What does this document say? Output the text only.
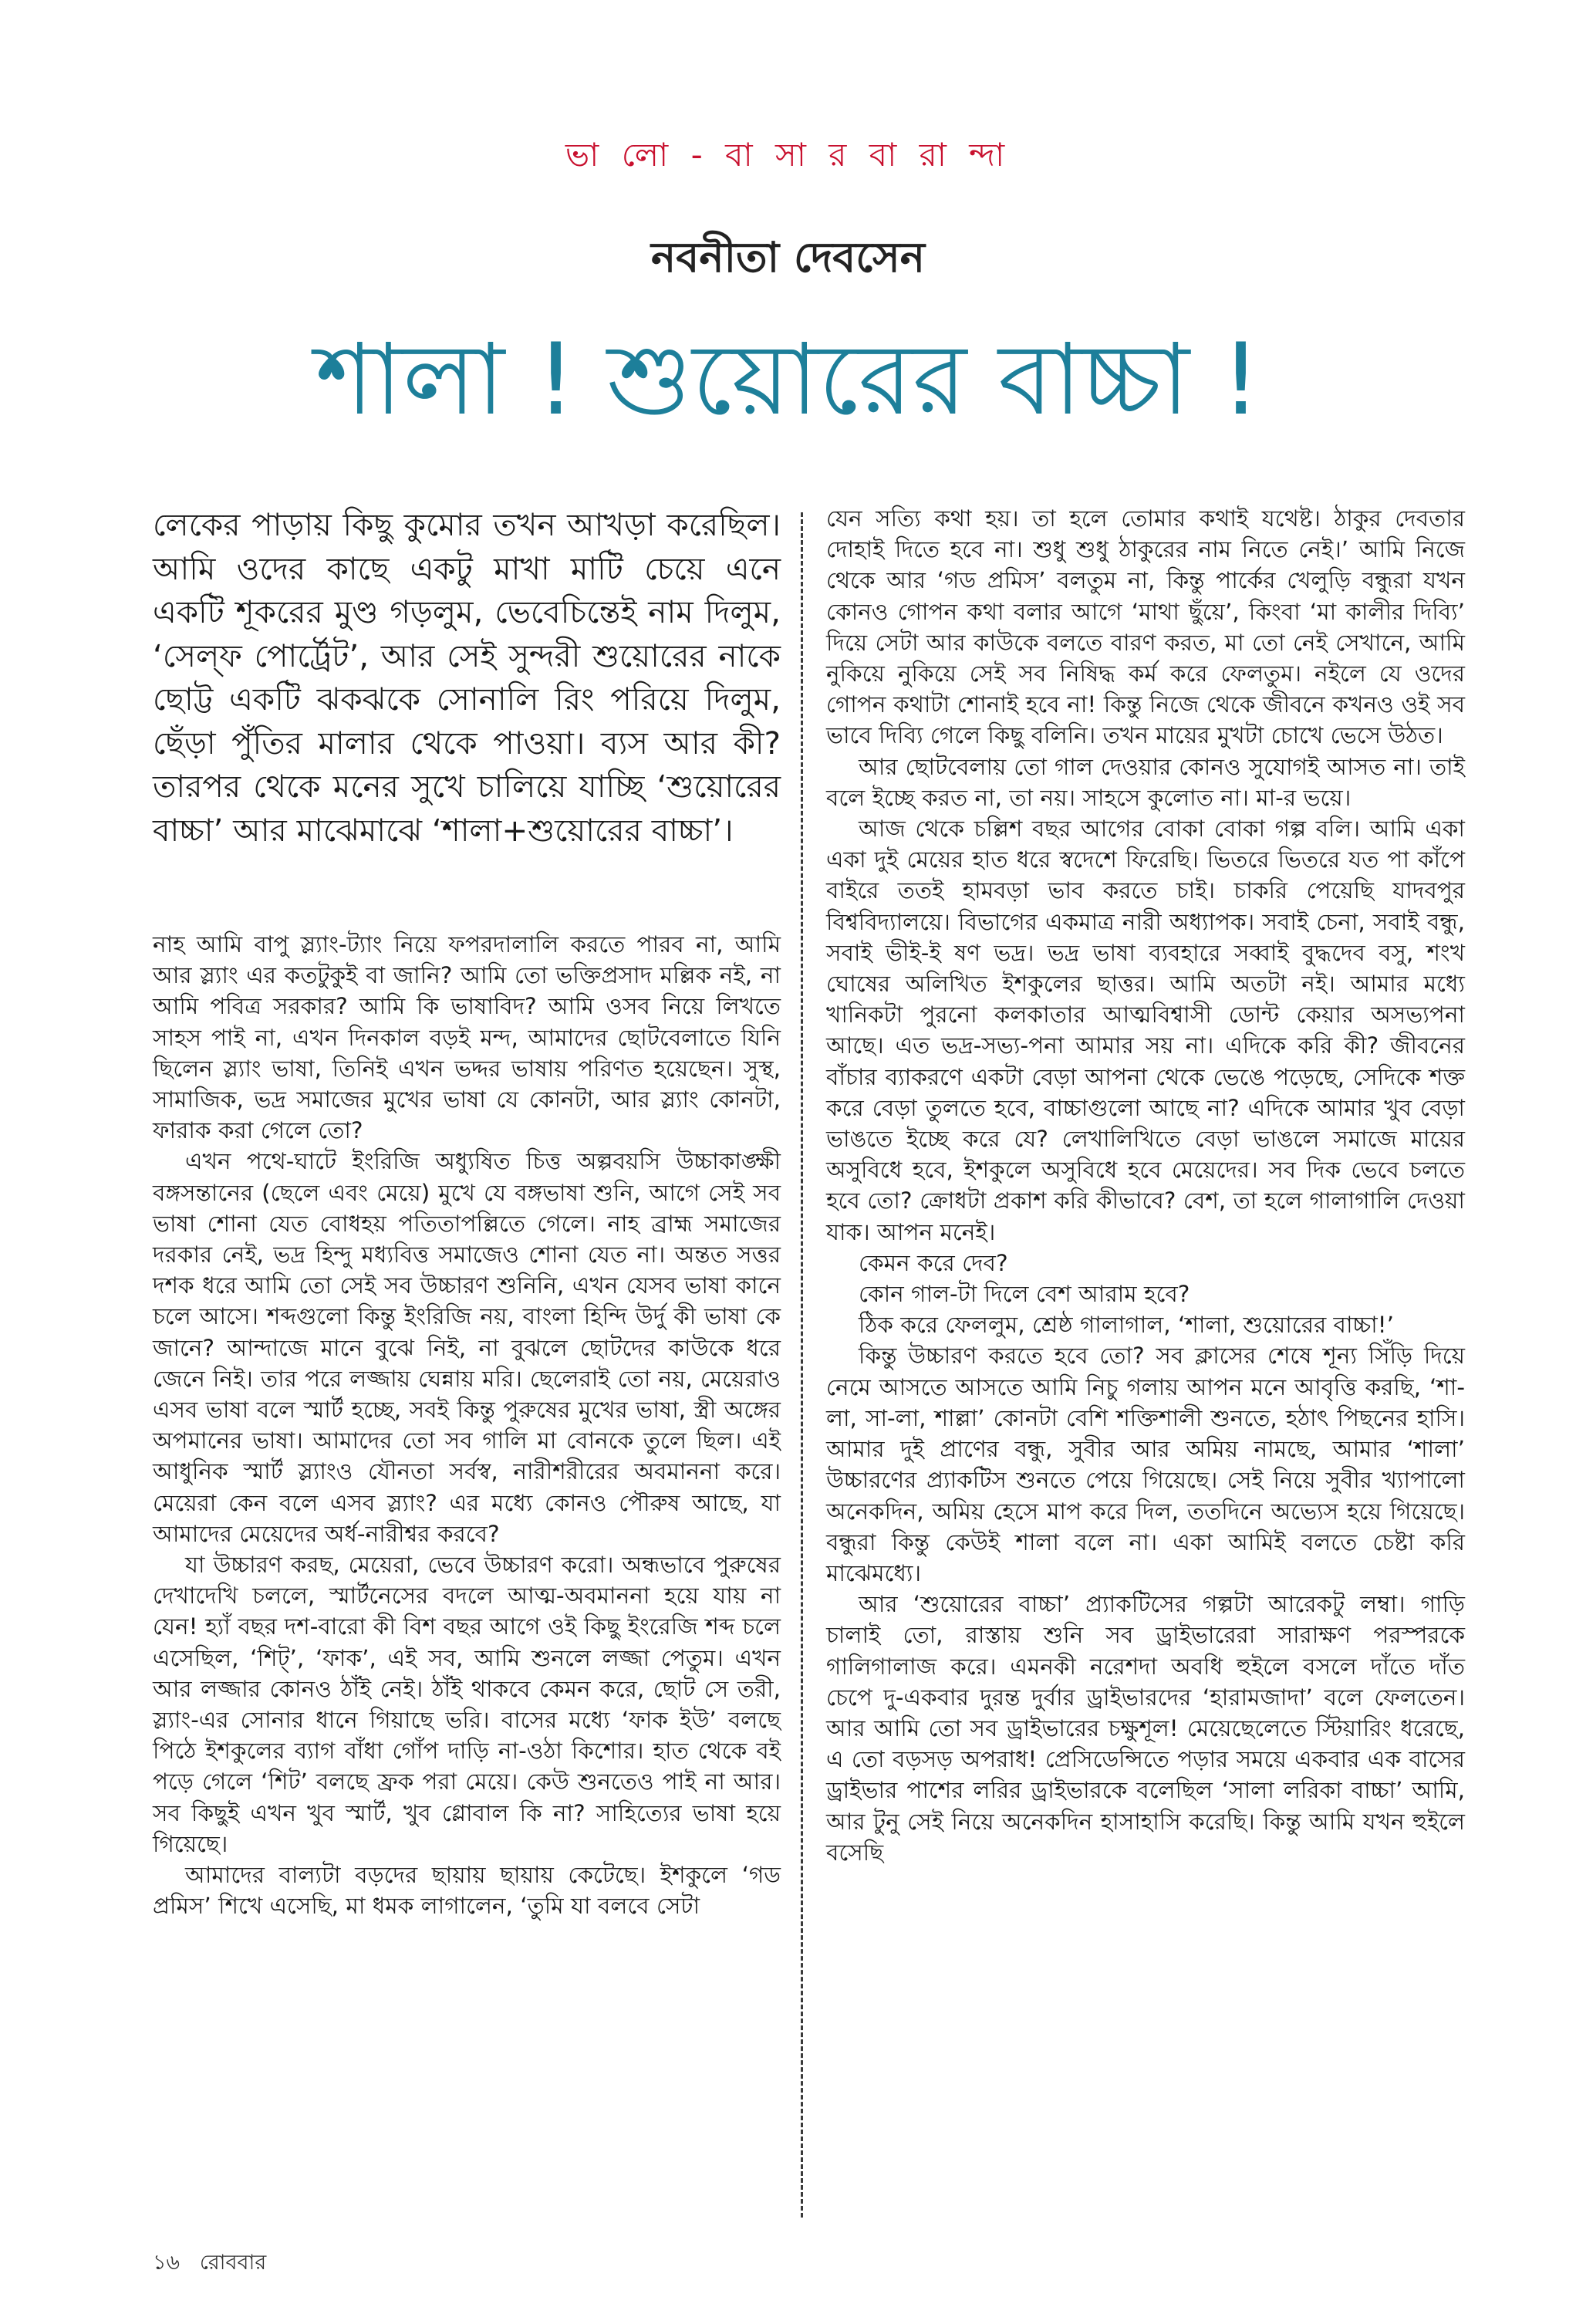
ভা লো - বা সা র বা রা ন্দা
নবনীতা দেবসেন
শালা ! শুয়োরের বাচ্চা !

লেকের পাড়ায় কিছু কুমোর তখন আখড়া করেছিল। আমি ওদের কাছে একটু মাখা মাটি চেয়ে এনে একটি শূকরের মুণ্ড গড়লুম, ভেবেচিন্তেই নাম দিলুম, ‘সেল্‌ফ পোর্ট্রেট’, আর সেই সুন্দরী শুয়োরের নাকে ছোট্ট একটি ঝকঝকে সোনালি রিং পরিয়ে দিলুম, ছেঁড়া পুঁতির মালার থেকে পাওয়া। ব্যস আর কী? তারপর থেকে মনের সুখে চালিয়ে যাচ্ছি ‘শুয়োরের বাচ্চা’ আর মাঝেমাঝে ‘শালা+শুয়োরের বাচ্চা’।

নাহ আমি বাপু স্ল্যাং-ট্যাং নিয়ে ফপরদালালি করতে পারব না, আমি আর স্ল্যাং এর কতটুকুই বা জানি? আমি তো ভক্তিপ্রসাদ মল্লিক নই, না আমি পবিত্র সরকার? আমি কি ভাষাবিদ? আমি ওসব নিয়ে লিখতে সাহস পাই না, এখন দিনকাল বড়ই মন্দ, আমাদের ছোটবেলাতে যিনি ছিলেন স্ল্যাং ভাষা, তিনিই এখন ভদ্দর ভাষায় পরিণত হয়েছেন। সুস্থ, সামাজিক, ভদ্র সমাজের মুখের ভাষা যে কোনটা, আর স্ল্যাং কোনটা, ফারাক করা গেলে তো?

এখন পথে-ঘাটে ইংরিজি অধ্যুষিত চিত্ত অল্পবয়সি উচ্চাকাঙ্ক্ষী বঙ্গসন্তানের (ছেলে এবং মেয়ে) মুখে যে বঙ্গভাষা শুনি, আগে সেই সব ভাষা শোনা যেত বোধহয় পতিতাপল্লিতে গেলে। নাহ ব্রাহ্ম সমাজের দরকার নেই, ভদ্র হিন্দু মধ্যবিত্ত সমাজেও শোনা যেত না। অন্তত সত্তর দশক ধরে আমি তো সেই সব উচ্চারণ শুনিনি, এখন যেসব ভাষা কানে চলে আসে। শব্দগুলো কিন্তু ইংরিজি নয়, বাংলা হিন্দি উর্দু কী ভাষা কে জানে? আন্দাজে মানে বুঝে নিই, না বুঝলে ছোটদের কাউকে ধরে জেনে নিই। তার পরে লজ্জায় ঘেন্নায় মরি। ছেলেরাই তো নয়, মেয়েরাও এসব ভাষা বলে স্মার্ট হচ্ছে, সবই কিন্তু পুরুষের মুখের ভাষা, স্ত্রী অঙ্গের অপমানের ভাষা। আমাদের তো সব গালি মা বোনকে তুলে ছিল। এই আধুনিক স্মার্ট স্ল্যাংও যৌনতা সর্বস্ব, নারীশরীরের অবমাননা করে। মেয়েরা কেন বলে এসব স্ল্যাং? এর মধ্যে কোনও পৌরুষ আছে, যা আমাদের মেয়েদের অর্ধ-নারীশ্বর করবে?

যা উচ্চারণ করছ, মেয়েরা, ভেবে উচ্চারণ করো। অন্ধভাবে পুরুষের দেখাদেখি চললে, স্মার্টনেসের বদলে আত্ম-অবমাননা হয়ে যায় না যেন! হ্যাঁ বছর দশ-বারো কী বিশ বছর আগে ওই কিছু ইংরেজি শব্দ চলে এসেছিল, ‘শিট্’, ‘ফাক’, এই সব, আমি শুনলে লজ্জা পেতুম। এখন আর লজ্জার কোনও ঠাঁই নেই। ঠাঁই থাকবে কেমন করে, ছোট সে তরী, স্ল্যাং-এর সোনার ধানে গিয়াছে ভরি। বাসের মধ্যে ‘ফাক ইউ’ বলছে পিঠে ইশকুলের ব্যাগ বাঁধা গোঁপ দাড়ি না-ওঠা কিশোর। হাত থেকে বই পড়ে গেলে ‘শিট’ বলছে ফ্রক পরা মেয়ে। কেউ শুনতেও পাই না আর। সব কিছুই এখন খুব স্মার্ট, খুব গ্লোবাল কি না? সাহিত্যের ভাষা হয়ে গিয়েছে।

আমাদের বাল্যটা বড়দের ছায়ায় ছায়ায় কেটেছে। ইশকুলে ‘গড প্রমিস’ শিখে এসেছি, মা ধমক লাগালেন, ‘তুমি যা বলবে সেটা

যেন সত্যি কথা হয়। তা হলে তোমার কথাই যথেষ্ট। ঠাকুর দেবতার দোহাই দিতে হবে না। শুধু শুধু ঠাকুরের নাম নিতে নেই।’ আমি নিজে থেকে আর ‘গড প্রমিস’ বলতুম না, কিন্তু পার্কের খেলুড়ি বন্ধুরা যখন কোনও গোপন কথা বলার আগে ‘মাথা ছুঁয়ে’, কিংবা ‘মা কালীর দিব্যি’ দিয়ে সেটা আর কাউকে বলতে বারণ করত, মা তো নেই সেখানে, আমি নুকিয়ে নুকিয়ে সেই সব নিষিদ্ধ কর্ম করে ফেলতুম। নইলে যে ওদের গোপন কথাটা শোনাই হবে না! কিন্তু নিজে থেকে জীবনে কখনও ওই সব ভাবে দিব্যি গেলে কিছু বলিনি। তখন মায়ের মুখটা চোখে ভেসে উঠত।

আর ছোটবেলায় তো গাল দেওয়ার কোনও সুযোগই আসত না। তাই বলে ইচ্ছে করত না, তা নয়। সাহসে কুলোত না। মা-র ভয়ে।

আজ থেকে চল্লিশ বছর আগের বোকা বোকা গল্প বলি। আমি একা একা দুই মেয়ের হাত ধরে স্বদেশে ফিরেছি। ভিতরে ভিতরে যত পা কাঁপে বাইরে ততই হামবড়া ভাব করতে চাই। চাকরি পেয়েছি যাদবপুর বিশ্ববিদ্যালয়ে। বিভাগের একমাত্র নারী অধ্যাপক। সবাই চেনা, সবাই বন্ধু, সবাই ভীই-ই ষণ ভদ্র। ভদ্র ভাষা ব্যবহারে সব্বাই বুদ্ধদেব বসু, শংখ ঘোষের অলিখিত ইশকুলের ছাত্তর। আমি অতটা নই। আমার মধ্যে খানিকটা পুরনো কলকাতার আত্মবিশ্বাসী ডোন্ট কেয়ার অসভ্যপনা আছে। এত ভদ্র-সভ্য-পনা আমার সয় না। এদিকে করি কী? জীবনের বাঁচার ব্যাকরণে একটা বেড়া আপনা থেকে ভেঙে পড়েছে, সেদিকে শক্ত করে বেড়া তুলতে হবে, বাচ্চাগুলো আছে না? এদিকে আমার খুব বেড়া ভাঙতে ইচ্ছে করে যে? লেখালিখিতে বেড়া ভাঙলে সমাজে মায়ের অসুবিধে হবে, ইশকুলে অসুবিধে হবে মেয়েদের। সব দিক ভেবে চলতে হবে তো? ক্রোধটা প্রকাশ করি কীভাবে? বেশ, তা হলে গালাগালি দেওয়া যাক। আপন মনেই।

কেমন করে দেব?

কোন গাল-টা দিলে বেশ আরাম হবে?

ঠিক করে ফেললুম, শ্রেষ্ঠ গালাগাল, ‘শালা, শুয়োরের বাচ্চা!’

কিন্তু উচ্চারণ করতে হবে তো? সব ক্লাসের শেষে শূন্য সিঁড়ি দিয়ে নেমে আসতে আসতে আমি নিচু গলায় আপন মনে আবৃত্তি করছি, ‘শা-লা, সা-লা, শাল্লা’ কোনটা বেশি শক্তিশালী শুনতে, হঠাৎ পিছনের হাসি। আমার দুই প্রাণের বন্ধু, সুবীর আর অমিয় নামছে, আমার ‘শালা’ উচ্চারণের প্র্যাকটিস শুনতে পেয়ে গিয়েছে। সেই নিয়ে সুবীর খ্যাপালো অনেকদিন, অমিয় হেসে মাপ করে দিল, ততদিনে অভ্যেস হয়ে গিয়েছে। বন্ধুরা কিন্তু কেউই শালা বলে না। একা আমিই বলতে চেষ্টা করি মাঝেমধ্যে।

আর ‘শুয়োরের বাচ্চা’ প্র্যাকটিসের গল্পটা আরেকটু লম্বা। গাড়ি চালাই তো, রাস্তায় শুনি সব ড্রাইভারেরা সারাক্ষণ পরস্পরকে গালিগালাজ করে। এমনকী নরেশদা অবধি হুইলে বসলে দাঁতে দাঁত চেপে দু-একবার দুরন্ত দুর্বার ড্রাইভারদের ‘হারামজাদা’ বলে ফেলতেন। আর আমি তো সব ড্রাইভারের চক্ষুশূল! মেয়েছেলেতে স্টিয়ারিং ধরেছে, এ তো বড়সড় অপরাধ! প্রেসিডেন্সিতে পড়ার সময়ে একবার এক বাসের ড্রাইভার পাশের লরির ড্রাইভারকে বলেছিল ‘সালা লরিকা বাচ্চা’ আমি, আর টুনু সেই নিয়ে অনেকদিন হাসাহাসি করেছি। কিন্তু আমি যখন হুইলে বসেছি

১৬ রোববার
